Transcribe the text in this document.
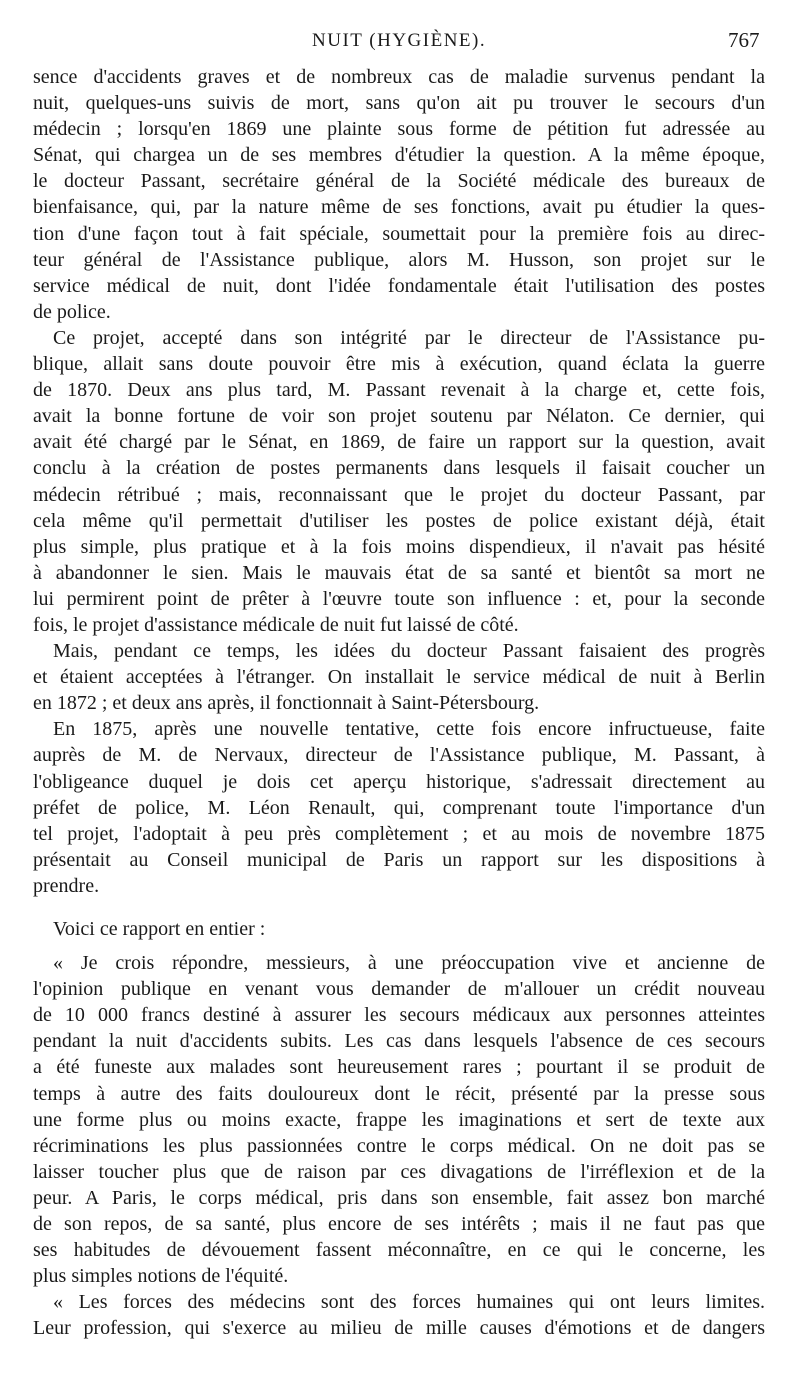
NUIT (HYGIÈNE).	767
sence d'accidents graves et de nombreux cas de maladie survenus pendant la
nuit, quelques-uns suivis de mort, sans qu'on ait pu trouver le secours d'un
médecin ; lorsqu'en 1869 une plainte sous forme de pétition fut adressée au
Sénat, qui chargea un de ses membres d'étudier la question. A la même époque,
le docteur Passant, secrétaire général de la Société médicale des bureaux de
bienfaisance, qui, par la nature même de ses fonctions, avait pu étudier la ques-
tion d'une façon tout à fait spéciale, soumettait pour la première fois au direc-
teur général de l'Assistance publique, alors M. Husson, son projet sur le
service médical de nuit, dont l'idée fondamentale était l'utilisation des postes
de police.
Ce projet, accepté dans son intégrité par le directeur de l'Assistance pu-
blique, allait sans doute pouvoir être mis à exécution, quand éclata la guerre
de 1870. Deux ans plus tard, M. Passant revenait à la charge et, cette fois,
avait la bonne fortune de voir son projet soutenu par Nélaton. Ce dernier, qui
avait été chargé par le Sénat, en 1869, de faire un rapport sur la question, avait
conclu à la création de postes permanents dans lesquels il faisait coucher un
médecin rétribué ; mais, reconnaissant que le projet du docteur Passant, par
cela même qu'il permettait d'utiliser les postes de police existant déjà, était
plus simple, plus pratique et à la fois moins dispendieux, il n'avait pas hésité
à abandonner le sien. Mais le mauvais état de sa santé et bientôt sa mort ne
lui permirent point de prêter à l'œuvre toute son influence : et, pour la seconde
fois, le projet d'assistance médicale de nuit fut laissé de côté.
Mais, pendant ce temps, les idées du docteur Passant faisaient des progrès
et étaient acceptées à l'étranger. On installait le service médical de nuit à Berlin
en 1872 ; et deux ans après, il fonctionnait à Saint-Pétersbourg.
En 1875, après une nouvelle tentative, cette fois encore infructueuse, faite
auprès de M. de Nervaux, directeur de l'Assistance publique, M. Passant, à
l'obligeance duquel je dois cet aperçu historique, s'adressait directement au
préfet de police, M. Léon Renault, qui, comprenant toute l'importance d'un
tel projet, l'adoptait à peu près complètement ; et au mois de novembre 1875
présentait au Conseil municipal de Paris un rapport sur les dispositions à
prendre.
Voici ce rapport en entier :
« Je crois répondre, messieurs, à une préoccupation vive et ancienne de
l'opinion publique en venant vous demander de m'allouer un crédit nouveau
de 10 000 francs destiné à assurer les secours médicaux aux personnes atteintes
pendant la nuit d'accidents subits. Les cas dans lesquels l'absence de ces secours
a été funeste aux malades sont heureusement rares ; pourtant il se produit de
temps à autre des faits douloureux dont le récit, présenté par la presse sous
une forme plus ou moins exacte, frappe les imaginations et sert de texte aux
récriminations les plus passionnées contre le corps médical. On ne doit pas se
laisser toucher plus que de raison par ces divagations de l'irréflexion et de la
peur. A Paris, le corps médical, pris dans son ensemble, fait assez bon marché
de son repos, de sa santé, plus encore de ses intérêts ; mais il ne faut pas que
ses habitudes de dévouement fassent méconnaître, en ce qui le concerne, les
plus simples notions de l'équité.
« Les forces des médecins sont des forces humaines qui ont leurs limites.
Leur profession, qui s'exerce au milieu de mille causes d'émotions et de dangers
